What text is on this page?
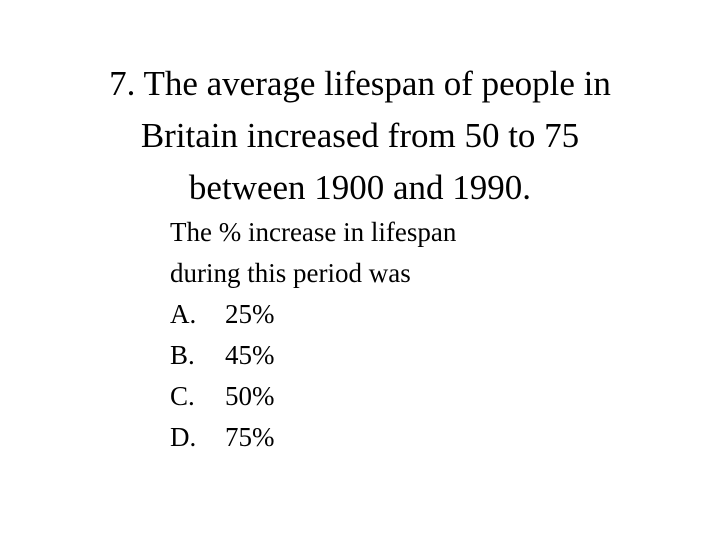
7. The average lifespan of people in
Britain increased from 50 to 75
between 1900 and 1990.
The % increase in lifespan
during this period was
A. 25%
B. 45%
C. 50%
D. 75%
